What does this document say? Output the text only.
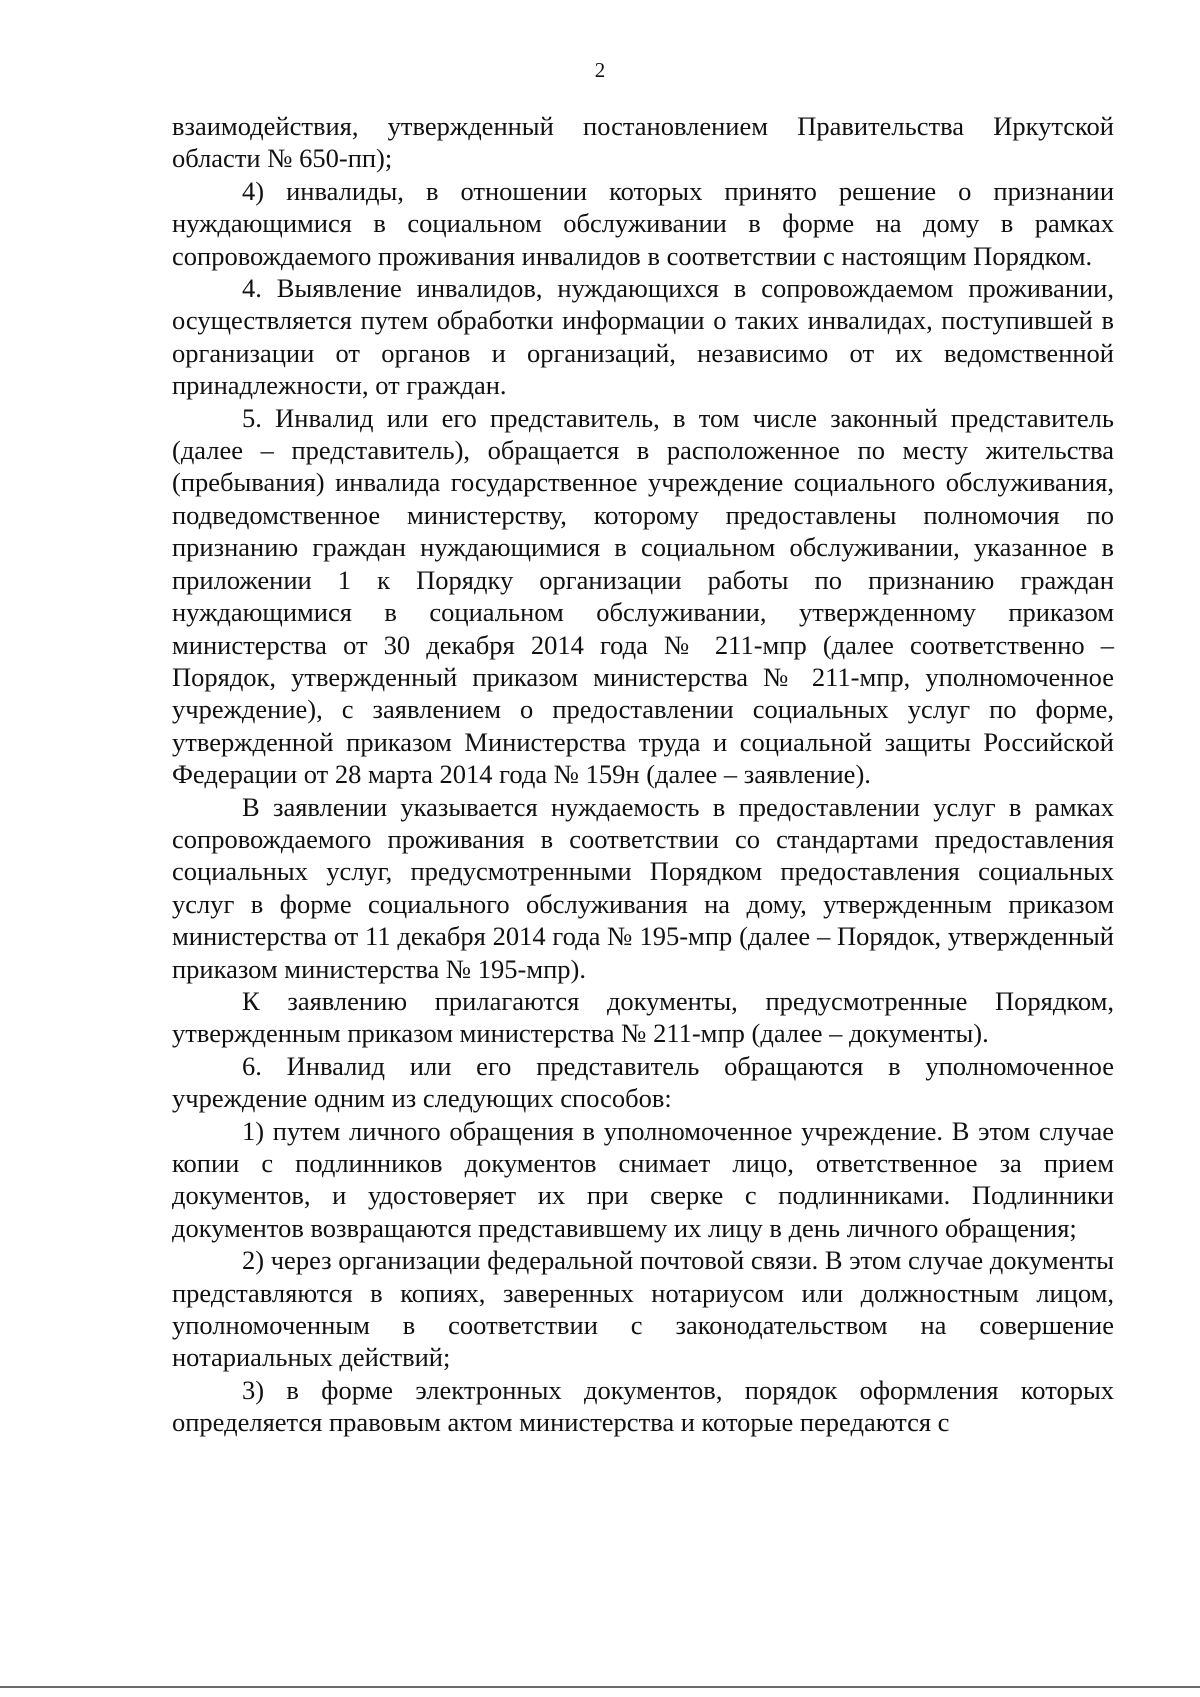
2

взаимодействия, утвержденный постановлением Правительства Иркутской области № 650-пп);

4) инвалиды, в отношении которых принято решение о признании нуждающимися в социальном обслуживании в форме на дому в рамках сопровождаемого проживания инвалидов в соответствии с настоящим Порядком.

4. Выявление инвалидов, нуждающихся в сопровождаемом проживании, осуществляется путем обработки информации о таких инвалидах, поступившей в организации от органов и организаций, независимо от их ведомственной принадлежности, от граждан.

5. Инвалид или его представитель, в том числе законный представитель (далее – представитель), обращается в расположенное по месту жительства (пребывания) инвалида государственное учреждение социального обслуживания, подведомственное министерству, которому предоставлены полномочия по признанию граждан нуждающимися в социальном обслуживании, указанное в приложении 1 к Порядку организации работы по признанию граждан нуждающимися в социальном обслуживании, утвержденному приказом министерства от 30 декабря 2014 года № 211-мпр (далее соответственно – Порядок, утвержденный приказом министерства № 211-мпр, уполномоченное учреждение), с заявлением о предоставлении социальных услуг по форме, утвержденной приказом Министерства труда и социальной защиты Российской Федерации от 28 марта 2014 года № 159н (далее – заявление).

В заявлении указывается нуждаемость в предоставлении услуг в рамках сопровождаемого проживания в соответствии со стандартами предоставления социальных услуг, предусмотренными Порядком предоставления социальных услуг в форме социального обслуживания на дому, утвержденным приказом министерства от 11 декабря 2014 года № 195-мпр (далее – Порядок, утвержденный приказом министерства № 195-мпр).

К заявлению прилагаются документы, предусмотренные Порядком, утвержденным приказом министерства № 211-мпр (далее – документы).

6. Инвалид или его представитель обращаются в уполномоченное учреждение одним из следующих способов:

1) путем личного обращения в уполномоченное учреждение. В этом случае копии с подлинников документов снимает лицо, ответственное за прием документов, и удостоверяет их при сверке с подлинниками. Подлинники документов возвращаются представившему их лицу в день личного обращения;

2) через организации федеральной почтовой связи. В этом случае документы представляются в копиях, заверенных нотариусом или должностным лицом, уполномоченным в соответствии с законодательством на совершение нотариальных действий;

3) в форме электронных документов, порядок оформления которых определяется правовым актом министерства и которые передаются с
